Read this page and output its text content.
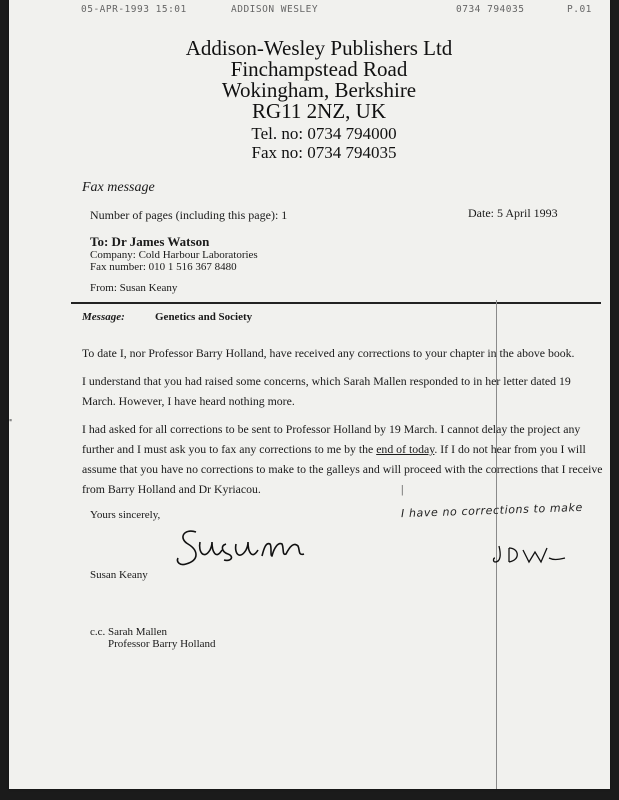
05-APR-1993 15:01	ADDISON WESLEY	0734 794035	P.01
Addison-Wesley Publishers Ltd
Finchampstead Road
Wokingham, Berkshire
RG11 2NZ, UK
Tel. no: 0734 794000
Fax no: 0734 794035
Fax message
Number of pages (including this page): 1	Date: 5 April 1993
To: Dr James Watson
Company: Cold Harbour Laboratories
Fax number: 010 1 516 367 8480
From: Susan Keany
▪
Message:	Genetics and Society
To date I, nor Professor Barry Holland, have received any corrections to your chapter in the above book.
I understand that you had raised some concerns, which Sarah Mallen responded to in her letter dated 19 March. However, I have heard nothing more.
I had asked for all corrections to be sent to Professor Holland by 19 March. I cannot delay the project any further and I must ask you to fax any corrections to me by the end of today. If I do not hear from you I will assume that you have no corrections to make to the galleys and will proceed with the corrections that I receive from Barry Holland and Dr Kyriacou.
Yours sincerely,
Susan Keany
c.c. Sarah Mallen
Professor Barry Holland
I have no corrections to make
|
J D W
